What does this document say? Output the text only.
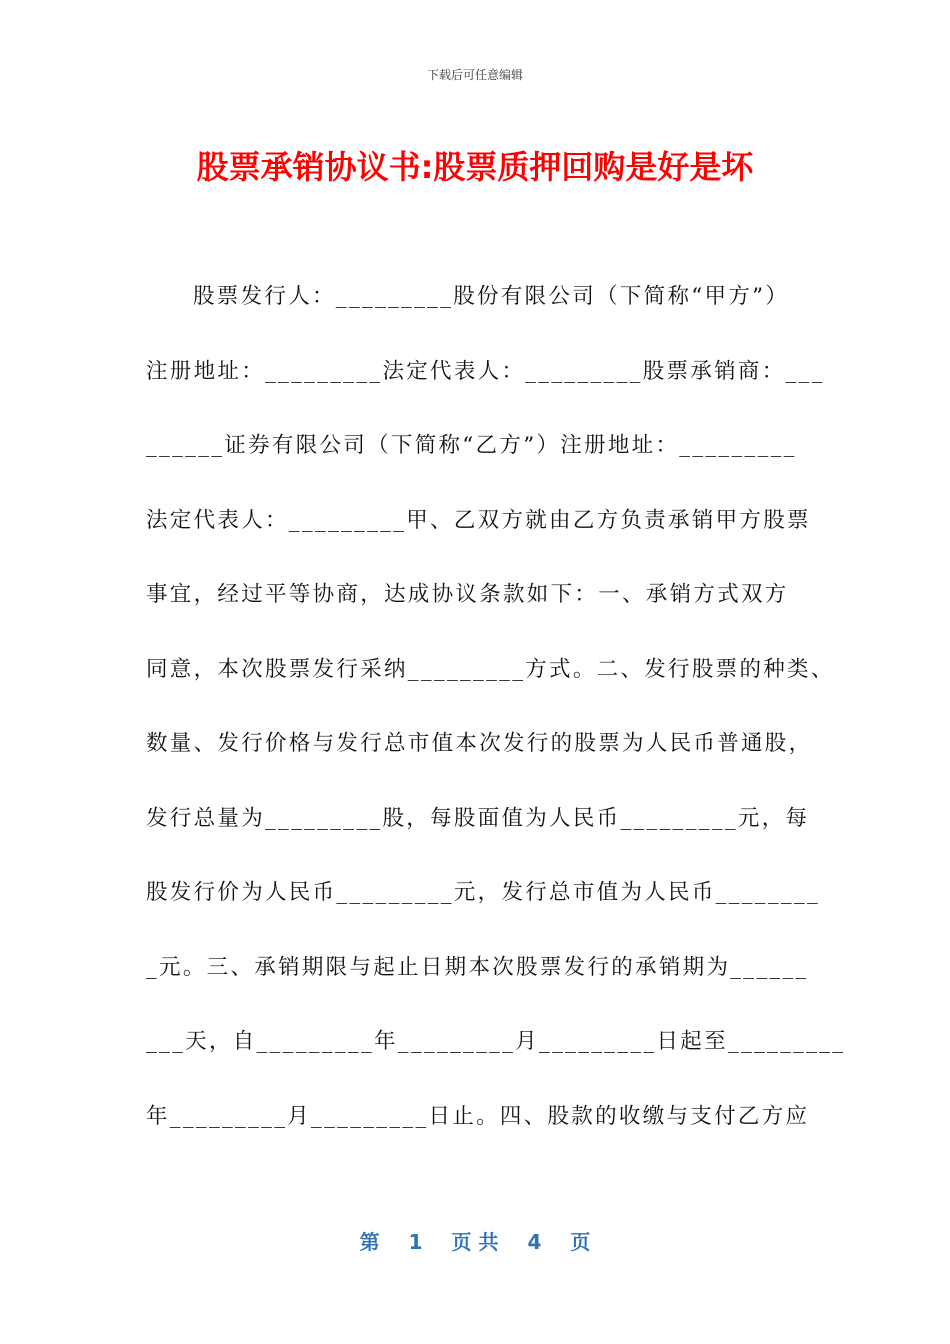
下载后可任意编辑
股票承销协议书:股票质押回购是好是坏
股票发行人：_________股份有限公司（下简称“甲方”）
注册地址：_________法定代表人：_________股票承销商：___
______证券有限公司（下简称“乙方”）注册地址：_________
法定代表人：_________甲、乙双方就由乙方负责承销甲方股票
事宜，经过平等协商，达成协议条款如下：一、承销方式双方
同意，本次股票发行采纳_________方式。二、发行股票的种类、
数量、发行价格与发行总市值本次发行的股票为人民币普通股，
发行总量为_________股，每股面值为人民币_________元，每
股发行价为人民币_________元，发行总市值为人民币________
_元。三、承销期限与起止日期本次股票发行的承销期为______
___天，自_________年_________月_________日起至_________
年_________月_________日止。四、股款的收缴与支付乙方应
第 1 页 共 4 页
